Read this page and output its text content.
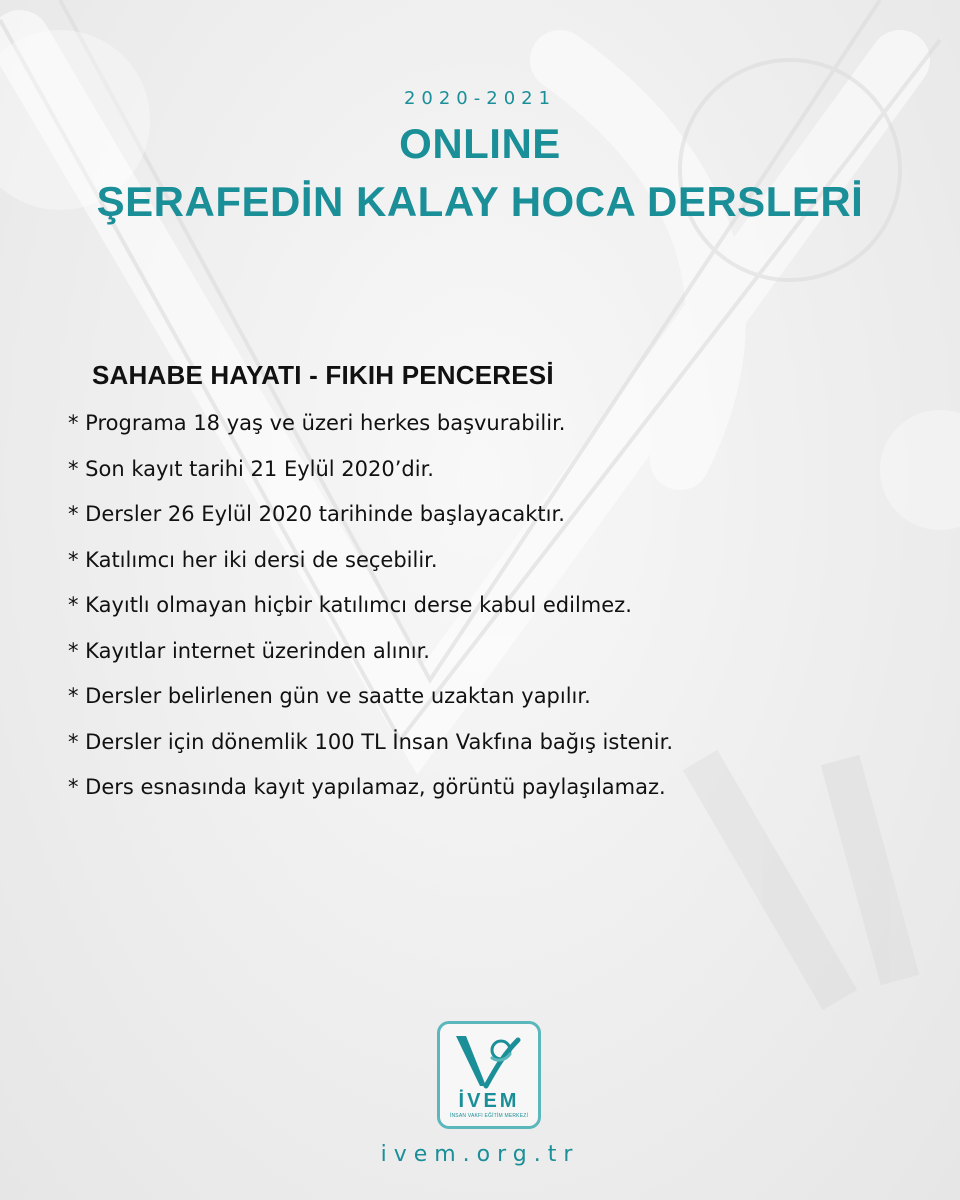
2020-2021
ONLINE
ŞERAFEDİN KALAY HOCA DERSLERİ
SAHABE HAYATI - FIKIH PENCERESİ
* Programa 18 yaş ve üzeri herkes başvurabilir.
* Son kayıt tarihi 21 Eylül 2020’dir.
* Dersler 26 Eylül 2020 tarihinde başlayacaktır.
* Katılımcı her iki dersi de seçebilir.
* Kayıtlı olmayan hiçbir katılımcı derse kabul edilmez.
* Kayıtlar internet üzerinden alınır.
* Dersler belirlenen gün ve saatte uzaktan yapılır.
* Dersler için dönemlik 100 TL İnsan Vakfına bağış istenir.
* Ders esnasında kayıt yapılamaz, görüntü paylaşılamaz.
İVEM
İNSAN VAKFI EĞİTİM MERKEZİ
ivem.org.tr
